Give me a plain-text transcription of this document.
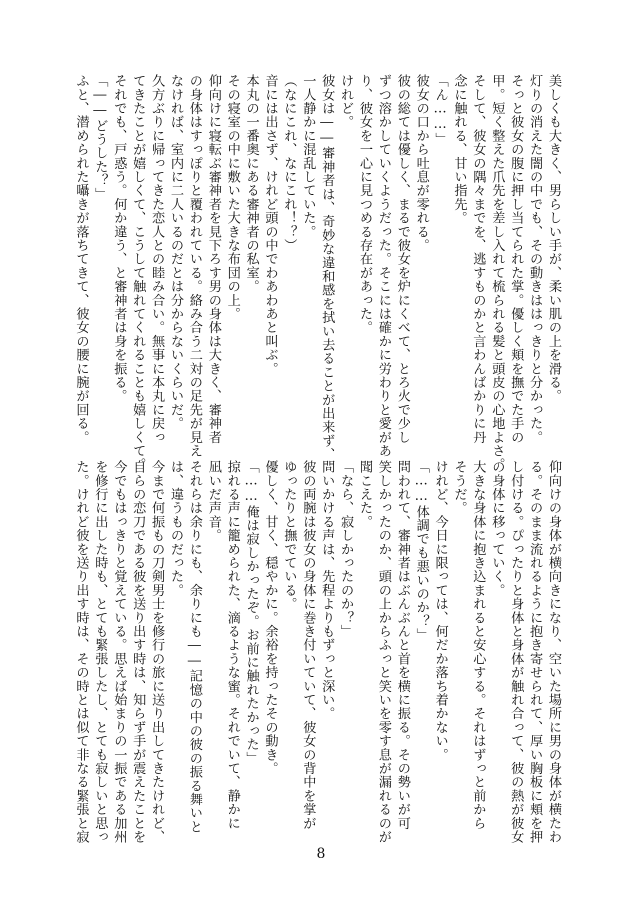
美しくも大きく、男らしい手が、柔い肌の上を滑る。
灯りの消えた闇の中でも、その動きははっきりと分かった。
そっと彼女の腹に押し当てられた掌。優しく頬を撫でた手の
甲。短く整えた爪先を差し入れて梳られる髪と頭皮の心地よさ。
そして、彼女の隅々までを、逃すものかと言わんばかりに丹
念に触れる、甘い指先。
「ん……」
彼女の口から吐息が零れる。
彼の総ては優しく、まるで彼女を炉にくべて、とろ火で少し
ずつ溶かしていくようだった。そこには確かに労わりと愛があ
り、彼女を一心に見つめる存在があった。
けれど。
彼女は――審神者は、奇妙な違和感を拭い去ることが出来ず、
一人静かに混乱していた。
（なにこれ、なにこれ！？）
音には出さず、けれど頭の中でわあわあと叫ぶ。
本丸の一番奥にある審神者の私室。
その寝室の中に敷いた大きな布団の上。
仰向けに寝転ぶ審神者を見下ろす男の身体は大きく、審神者
の身体はすっぽりと覆われている。絡み合う二対の足先が見え
なければ、室内に二人いるのだとは分からないくらいだ。
久方ぶりに帰ってきた恋人との睦み合い。無事に本丸に戻っ
てきたことが嬉しくて、こうして触れてくれることも嬉しくて。
それでも、戸惑う。何か違う、と審神者は身を振る。
「――どうした？」
ふと、潜められた囁きが落ちてきて、彼女の腰に腕が回る。
仰向けの身体が横向きになり、空いた場所に男の身体が横たわ
る。そのまま流れるように抱き寄せられて、厚い胸板に頬を押
し付ける。ぴったりと身体と身体が触れ合って、彼の熱が彼女
の身体に移っていく。
大きな身体に抱き込まれると安心する。それはずっと前から
そうだ。
けれど、今日に限っては、何だか落ち着かない。
「……体調でも悪いのか？」
問われて、審神者はぶんぶんと首を横に振る。その勢いが可
笑しかったのか、頭の上からふっと笑いを零す息が漏れるのが
聞こえた。
「なら、寂しかったのか？」
問いかける声は、先程よりもずっと深い。
彼の両腕は彼女の身体に巻き付いていて、彼女の背中を掌が
ゆったりと撫でている。
優しく、甘く、穏やかに。余裕を持ったその動き。
「……俺は寂しかったぞ。お前に触れたかった」
掠れる声に籠められた、滴るような蜜。それでいて、静かに
凪いだ声音。
それらは余りにも、余りにも――記憶の中の彼の振る舞いと
は、違うものだった。
今まで何振もの刀剣男士を修行の旅に送り出してきたけれど、
自らの恋刀である彼を送り出す時は、知らず手が震えたことを
今でもはっきりと覚えている。思えば始まりの一振である加州
を修行に出した時も、とても緊張したし、とても寂しいと思っ
た。けれど彼を送り出す時は、その時とは似て非なる緊張と寂
8
